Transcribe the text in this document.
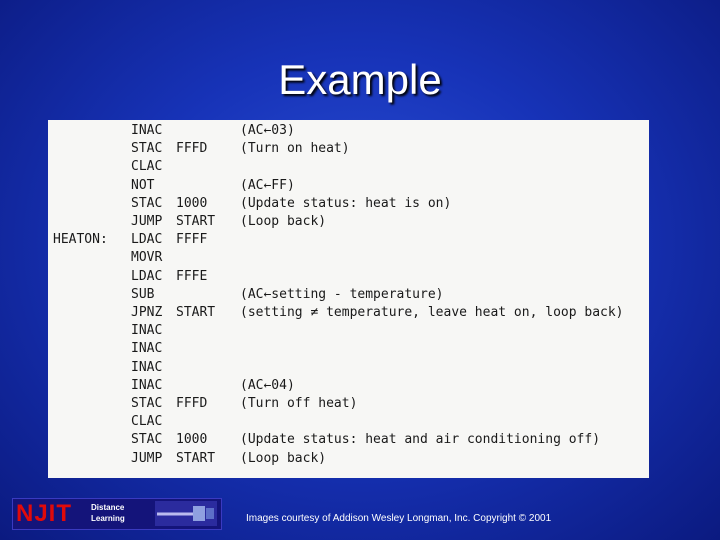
Example
INAC	(AC←03)
STAC FFFD	(Turn on heat)
CLAC
NOT	(AC←FF)
STAC 1000	(Update status: heat is on)
JUMP START (Loop back)
HEATON: LDAC FFFF
MOVR
LDAC FFFE
SUB	(AC←setting - temperature)
JPNZ START (setting ≠ temperature, leave heat on, loop back)
INAC
INAC
INAC
INAC	(AC←04)
STAC FFFD	(Turn off heat)
CLAC
STAC 1000	(Update status: heat and air conditioning off)
JUMP START (Loop back)
NJIT Distance
Learning	Images courtesy of Addison Wesley Longman, Inc. Copyright © 2001
